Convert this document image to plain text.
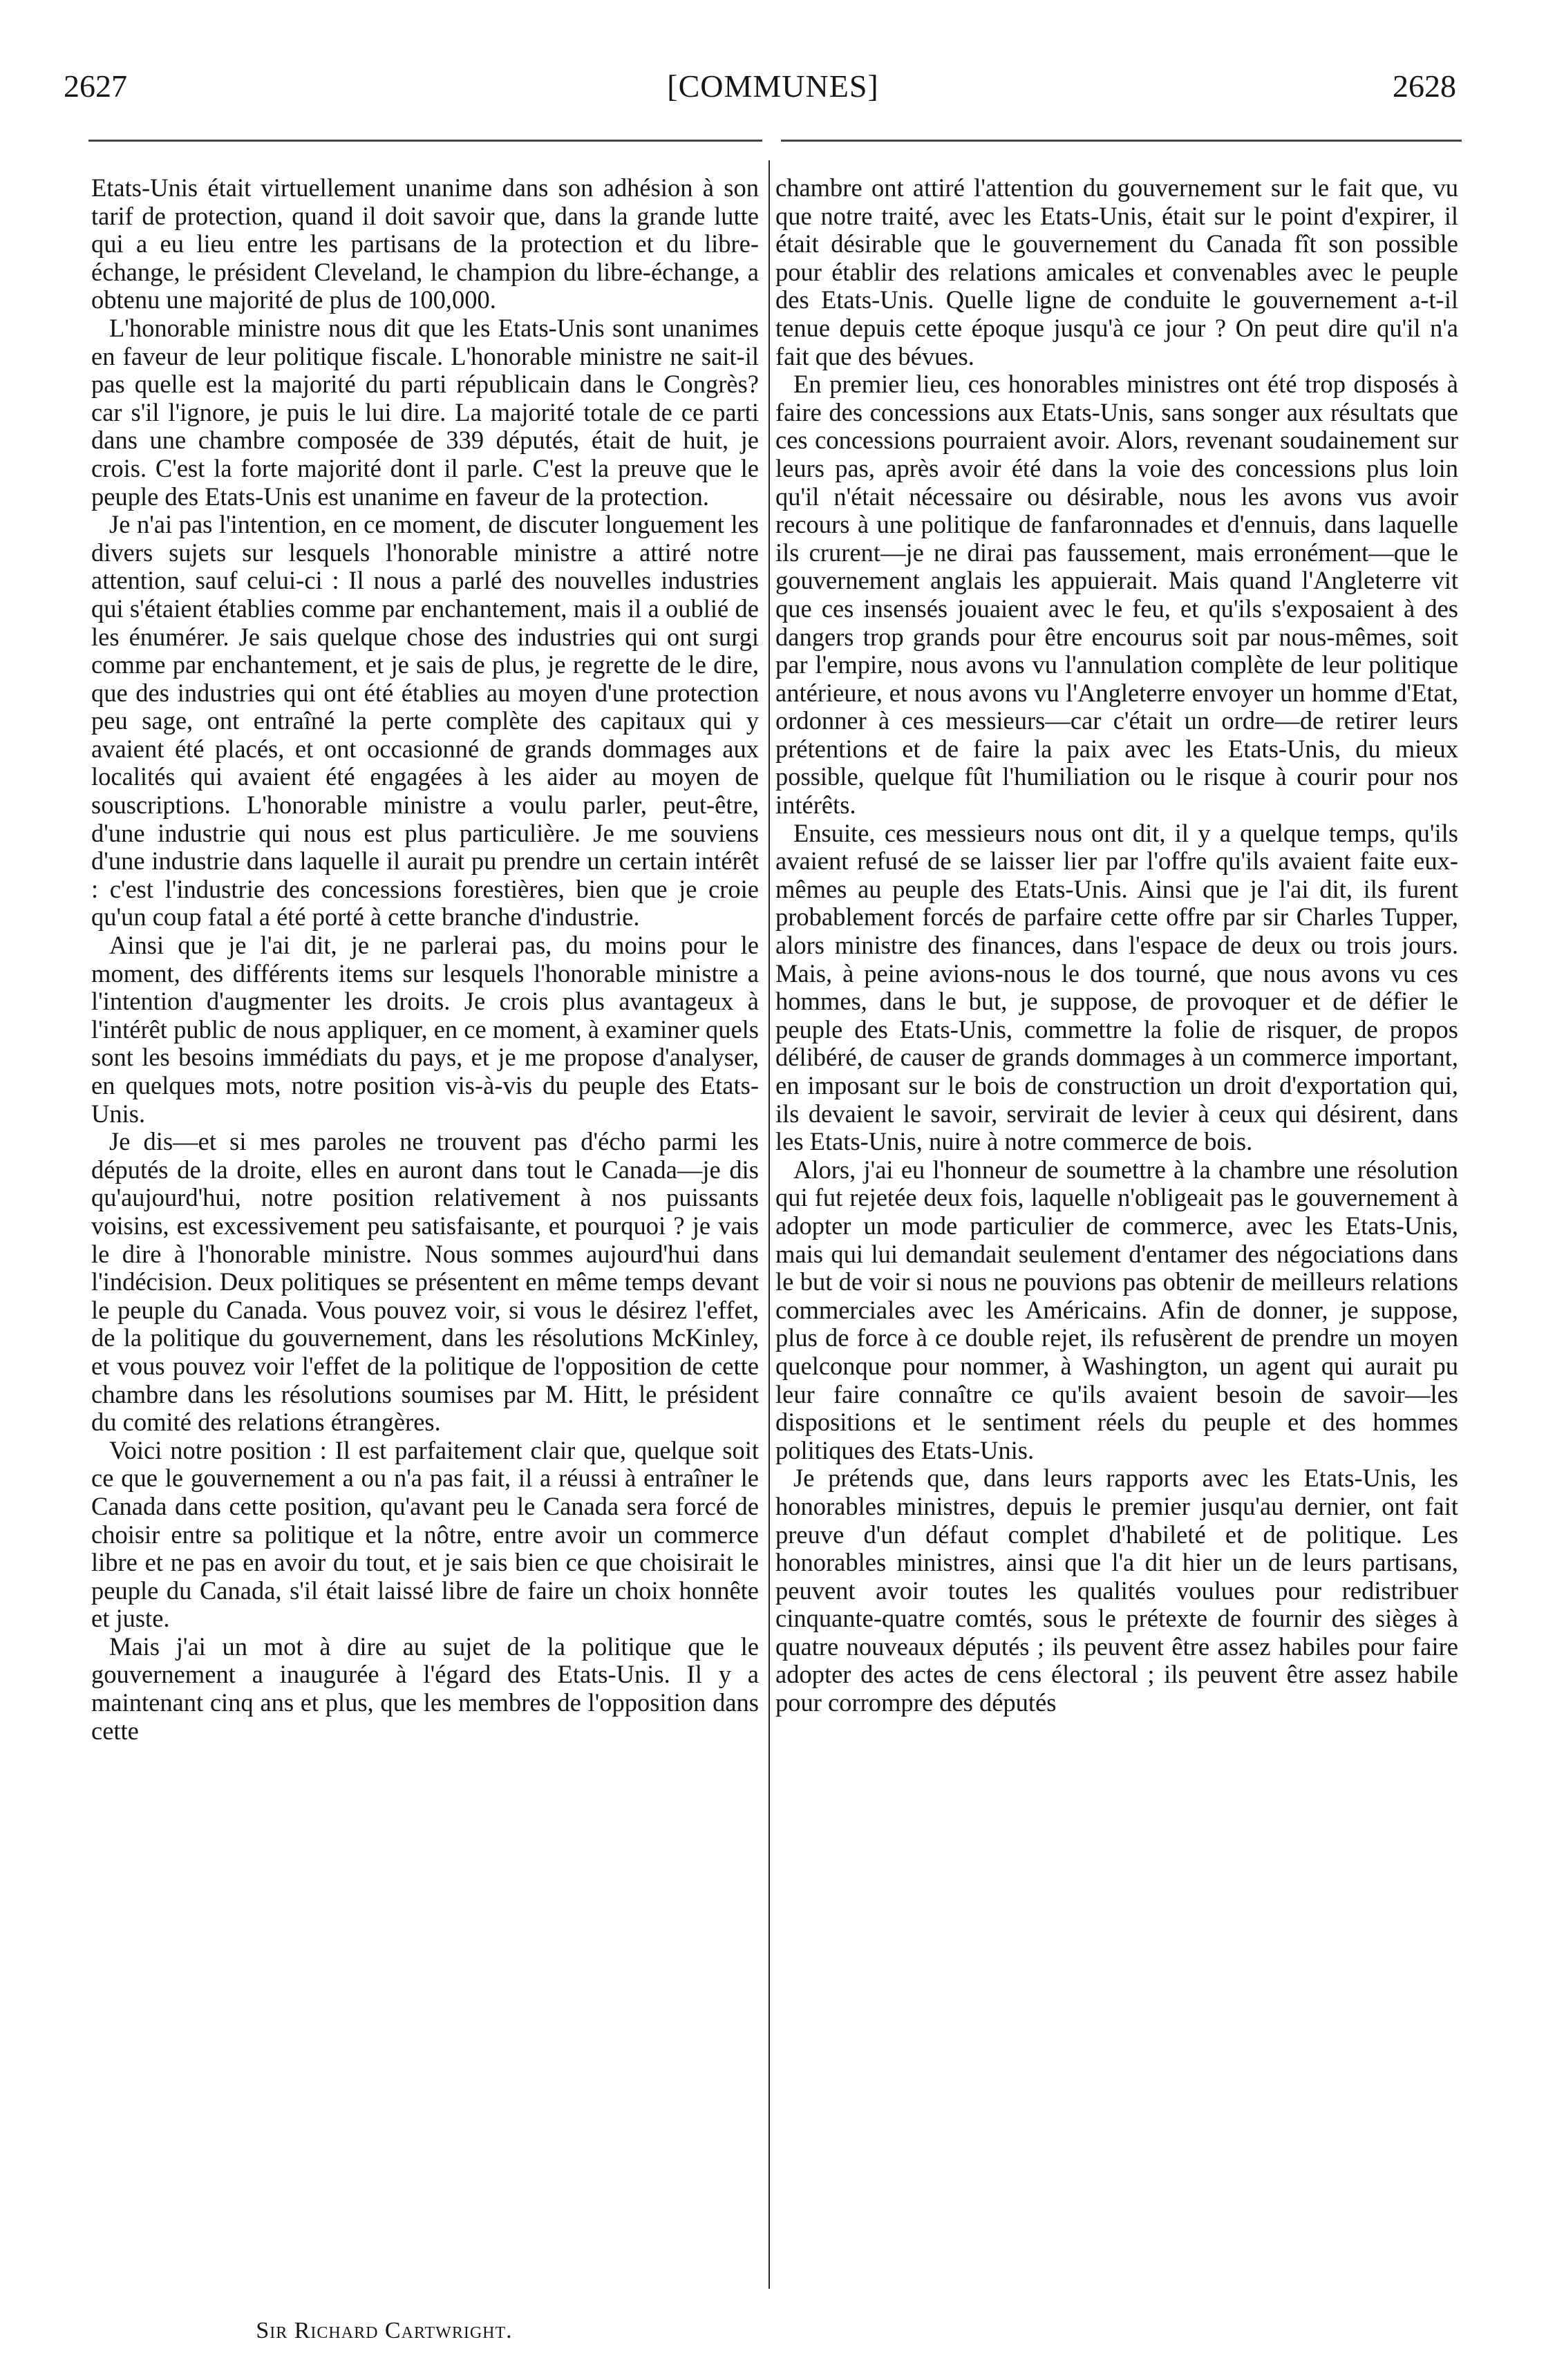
2627	[COMMUNES]	2628

Etats-Unis était virtuellement unanime dans son adhésion à son tarif de protection, quand il doit savoir que, dans la grande lutte qui a eu lieu entre les partisans de la protection et du libre-échange, le président Cleveland, le champion du libre-échange, a obtenu une majorité de plus de 100,000.

L'honorable ministre nous dit que les Etats-Unis sont unanimes en faveur de leur politique fiscale. L'honorable ministre ne sait-il pas quelle est la majorité du parti républicain dans le Congrès? car s'il l'ignore, je puis le lui dire. La majorité totale de ce parti dans une chambre composée de 339 députés, était de huit, je crois. C'est la forte majorité dont il parle. C'est la preuve que le peuple des Etats-Unis est unanime en faveur de la protection.

Je n'ai pas l'intention, en ce moment, de discuter longuement les divers sujets sur lesquels l'honorable ministre a attiré notre attention, sauf celui-ci : Il nous a parlé des nouvelles industries qui s'étaient établies comme par enchantement, mais il a oublié de les énumérer. Je sais quelque chose des industries qui ont surgi comme par enchantement, et je sais de plus, je regrette de le dire, que des industries qui ont été établies au moyen d'une protection peu sage, ont entraîné la perte complète des capitaux qui y avaient été placés, et ont occasionné de grands dommages aux localités qui avaient été engagées à les aider au moyen de souscriptions. L'honorable ministre a voulu parler, peut-être, d'une industrie qui nous est plus particulière. Je me souviens d'une industrie dans laquelle il aurait pu prendre un certain intérêt : c'est l'industrie des concessions forestières, bien que je croie qu'un coup fatal a été porté à cette branche d'industrie.

Ainsi que je l'ai dit, je ne parlerai pas, du moins pour le moment, des différents items sur lesquels l'honorable ministre a l'intention d'augmenter les droits. Je crois plus avantageux à l'intérêt public de nous appliquer, en ce moment, à examiner quels sont les besoins immédiats du pays, et je me propose d'analyser, en quelques mots, notre position vis-à-vis du peuple des Etats-Unis.

Je dis—et si mes paroles ne trouvent pas d'écho parmi les députés de la droite, elles en auront dans tout le Canada—je dis qu'aujourd'hui, notre position relativement à nos puissants voisins, est excessivement peu satisfaisante, et pourquoi ? je vais le dire à l'honorable ministre. Nous sommes aujourd'hui dans l'indécision. Deux politiques se présentent en même temps devant le peuple du Canada. Vous pouvez voir, si vous le désirez l'effet, de la politique du gouvernement, dans les résolutions McKinley, et vous pouvez voir l'effet de la politique de l'opposition de cette chambre dans les résolutions soumises par M. Hitt, le président du comité des relations étrangères.

Voici notre position : Il est parfaitement clair que, quelque soit ce que le gouvernement a ou n'a pas fait, il a réussi à entraîner le Canada dans cette position, qu'avant peu le Canada sera forcé de choisir entre sa politique et la nôtre, entre avoir un commerce libre et ne pas en avoir du tout, et je sais bien ce que choisirait le peuple du Canada, s'il était laissé libre de faire un choix honnête et juste.

Mais j'ai un mot à dire au sujet de la politique que le gouvernement a inaugurée à l'égard des Etats-Unis. Il y a maintenant cinq ans et plus, que les membres de l'opposition dans cette

chambre ont attiré l'attention du gouvernement sur le fait que, vu que notre traité, avec les Etats-Unis, était sur le point d'expirer, il était désirable que le gouvernement du Canada fît son possible pour établir des relations amicales et convenables avec le peuple des Etats-Unis. Quelle ligne de conduite le gouvernement a-t-il tenue depuis cette époque jusqu'à ce jour ? On peut dire qu'il n'a fait que des bévues.

En premier lieu, ces honorables ministres ont été trop disposés à faire des concessions aux Etats-Unis, sans songer aux résultats que ces concessions pourraient avoir. Alors, revenant soudainement sur leurs pas, après avoir été dans la voie des concessions plus loin qu'il n'était nécessaire ou désirable, nous les avons vus avoir recours à une politique de fanfaronnades et d'ennuis, dans laquelle ils crurent—je ne dirai pas faussement, mais erronément—que le gouvernement anglais les appuierait. Mais quand l'Angleterre vit que ces insensés jouaient avec le feu, et qu'ils s'exposaient à des dangers trop grands pour être encourus soit par nous-mêmes, soit par l'empire, nous avons vu l'annulation complète de leur politique antérieure, et nous avons vu l'Angleterre envoyer un homme d'Etat, ordonner à ces messieurs—car c'était un ordre—de retirer leurs prétentions et de faire la paix avec les Etats-Unis, du mieux possible, quelque fût l'humiliation ou le risque à courir pour nos intérêts.

Ensuite, ces messieurs nous ont dit, il y a quelque temps, qu'ils avaient refusé de se laisser lier par l'offre qu'ils avaient faite eux-mêmes au peuple des Etats-Unis. Ainsi que je l'ai dit, ils furent probablement forcés de parfaire cette offre par sir Charles Tupper, alors ministre des finances, dans l'espace de deux ou trois jours. Mais, à peine avions-nous le dos tourné, que nous avons vu ces hommes, dans le but, je suppose, de provoquer et de défier le peuple des Etats-Unis, commettre la folie de risquer, de propos délibéré, de causer de grands dommages à un commerce important, en imposant sur le bois de construction un droit d'exportation qui, ils devaient le savoir, servirait de levier à ceux qui désirent, dans les Etats-Unis, nuire à notre commerce de bois.

Alors, j'ai eu l'honneur de soumettre à la chambre une résolution qui fut rejetée deux fois, laquelle n'obligeait pas le gouvernement à adopter un mode particulier de commerce, avec les Etats-Unis, mais qui lui demandait seulement d'entamer des négociations dans le but de voir si nous ne pouvions pas obtenir de meilleurs relations commerciales avec les Américains. Afin de donner, je suppose, plus de force à ce double rejet, ils refusèrent de prendre un moyen quelconque pour nommer, à Washington, un agent qui aurait pu leur faire connaître ce qu'ils avaient besoin de savoir—les dispositions et le sentiment réels du peuple et des hommes politiques des Etats-Unis.

Je prétends que, dans leurs rapports avec les Etats-Unis, les honorables ministres, depuis le premier jusqu'au dernier, ont fait preuve d'un défaut complet d'habileté et de politique. Les honorables ministres, ainsi que l'a dit hier un de leurs partisans, peuvent avoir toutes les qualités voulues pour redistribuer cinquante-quatre comtés, sous le prétexte de fournir des sièges à quatre nouveaux députés ; ils peuvent être assez habiles pour faire adopter des actes de cens électoral ; ils peuvent être assez habile pour corrompre des députés

Sir Richard Cartwright.
